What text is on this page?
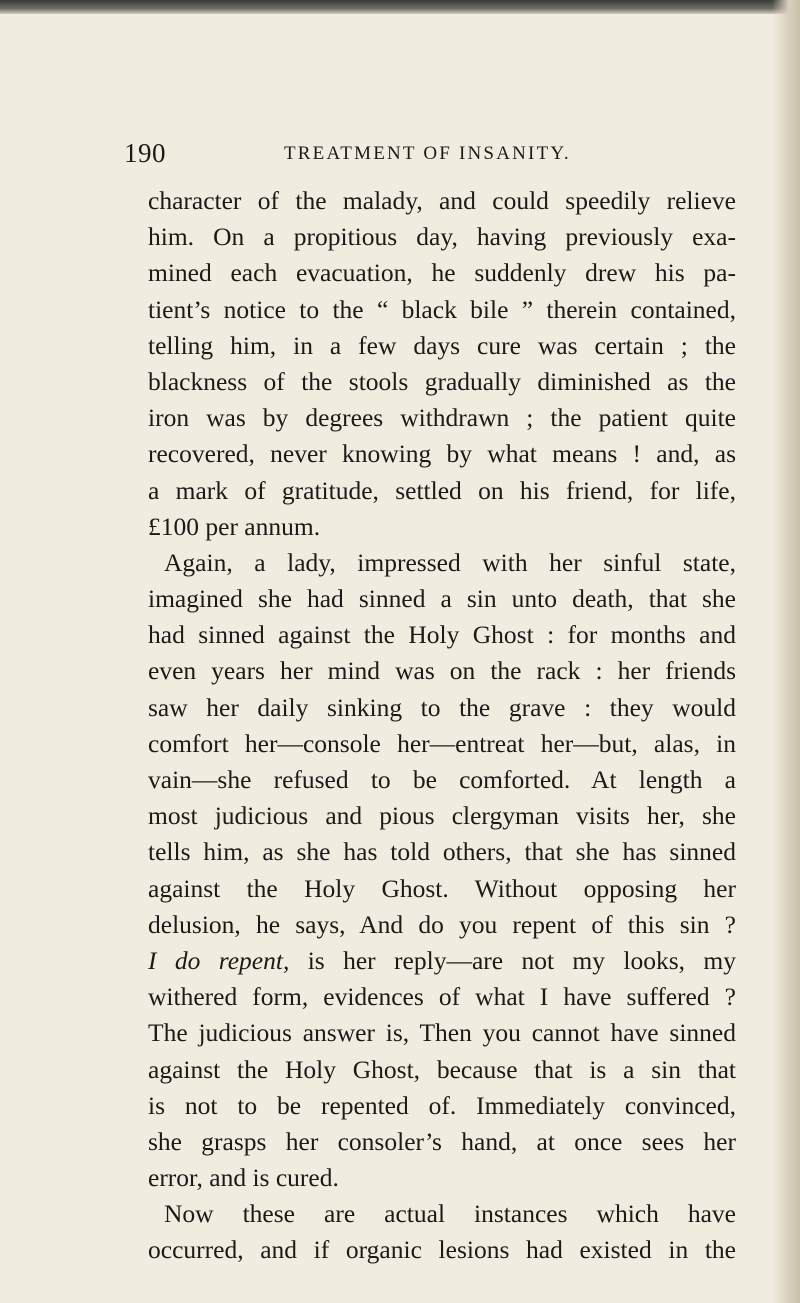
190	TREATMENT OF INSANITY.
character of the malady, and could speedily relieve
him. On a propitious day, having previously exa-
mined each evacuation, he suddenly drew his pa-
tient’s notice to the “ black bile ” therein contained,
telling him, in a few days cure was certain ; the
blackness of the stools gradually diminished as the
iron was by degrees withdrawn ; the patient quite
recovered, never knowing by what means ! and, as
a mark of gratitude, settled on his friend, for life,
£100 per annum.
Again, a lady, impressed with her sinful state,
imagined she had sinned a sin unto death, that she
had sinned against the Holy Ghost : for months and
even years her mind was on the rack : her friends
saw her daily sinking to the grave : they would
comfort her—console her—entreat her—but, alas, in
vain—she refused to be comforted. At length a
most judicious and pious clergyman visits her, she
tells him, as she has told others, that she has sinned
against the Holy Ghost. Without opposing her
delusion, he says, And do you repent of this sin ?
I do repent, is her reply—are not my looks, my
withered form, evidences of what I have suffered ?
The judicious answer is, Then you cannot have sinned
against the Holy Ghost, because that is a sin that
is not to be repented of. Immediately convinced,
she grasps her consoler’s hand, at once sees her
error, and is cured.
Now these are actual instances which have
occurred, and if organic lesions had existed in the
